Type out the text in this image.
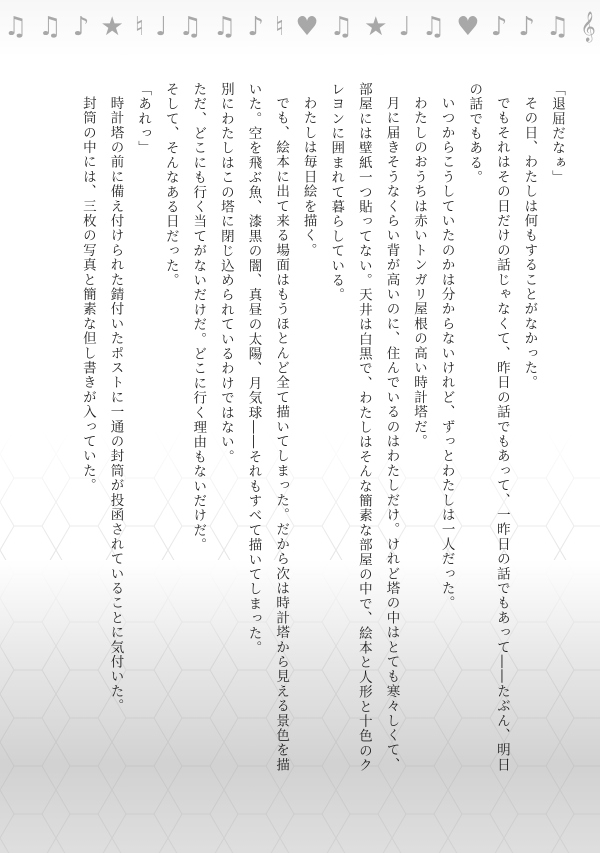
♫ ♫ ♪ ★ ♮ ♩ ♫ ♫ ♪ ♮ ♥ ♫ ★ ♩ ♫ ♥ ♪ ♪ ♫ 𝄞
「退屈だなぁ」
その日、わたしは何もすることがなかった。
でもそれはその日だけの話じゃなくて、昨日の話でもあって、一昨日の話でもあって――たぶん、明日
の話でもある。
いつからこうしていたのかは分からないけれど、ずっとわたしは一人だった。
わたしのおうちは赤いトンガリ屋根の高い時計塔だ。
月に届きそうなくらい背が高いのに、住んでいるのはわたしだけ。けれど塔の中はとても寒々しくて、
部屋には壁紙一つ貼ってない。天井は白黒で、わたしはそんな簡素な部屋の中で、絵本と人形と十色のク
レヨンに囲まれて暮らしている。
わたしは毎日絵を描く。
でも、絵本に出て来る場面はもうほとんど全て描いてしまった。だから次は時計塔から見える景色を描
いた。空を飛ぶ魚、漆黒の闇、真昼の太陽、月気球――それもすべて描いてしまった。
別にわたしはこの塔に閉じ込められているわけではない。
ただ、どこにも行く当てがないだけだ。どこに行く理由もないだけだ。
そして、そんなある日だった。
「あれっ」
時計塔の前に備え付けられた錆付いたポストに一通の封筒が投函されていることに気付いた。
封筒の中には、三枚の写真と簡素な但し書きが入っていた。
